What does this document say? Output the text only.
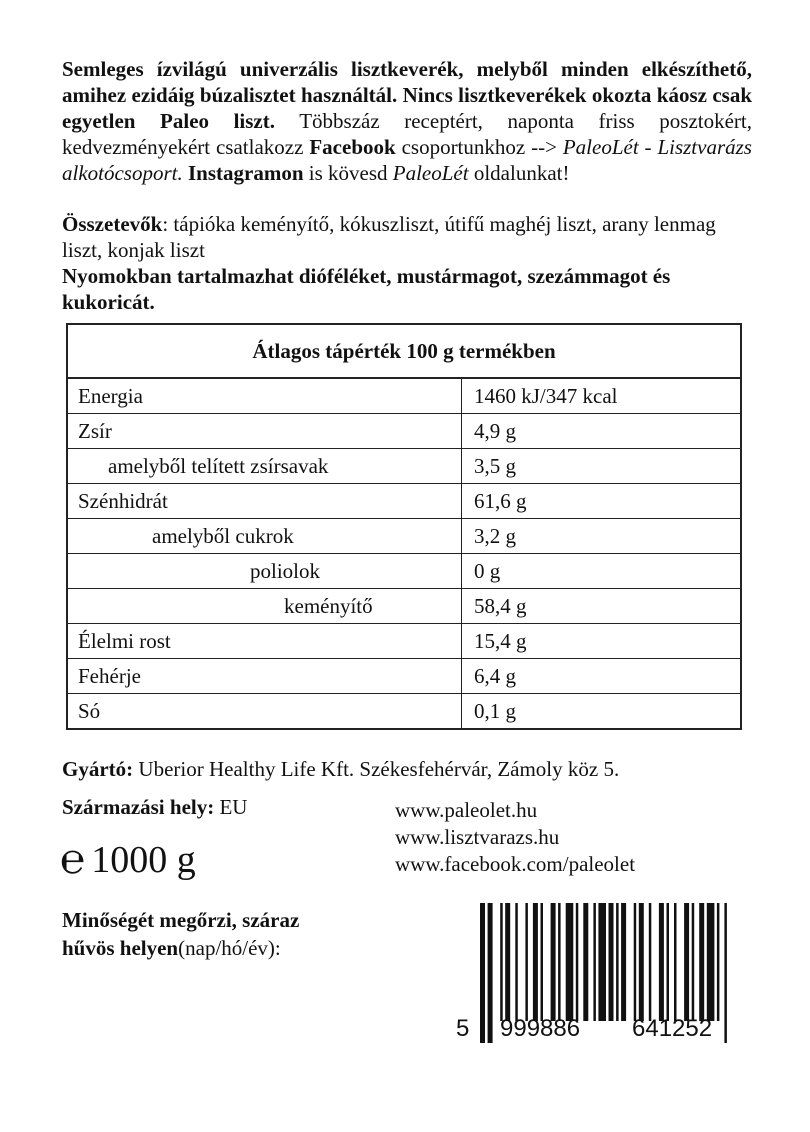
Semleges ízvilágú univerzális lisztkeverék, melyből minden elkészíthető, amihez ezidáig búzalisztet használtál. Nincs lisztkeverékek okozta káosz csak egyetlen Paleo liszt. Többszáz receptért, naponta friss posztokért, kedvezményekért csatlakozz Facebook csoportunkhoz --> PaleoLét - Lisztvarázs alkotócsoport. Instagramon is kövesd PaleoLét oldalunkat!

Összetevők: tápióka keményítő, kókuszliszt, útifű maghéj liszt, arany lenmag liszt, konjak liszt

Nyomokban tartalmazhat dióféléket, mustármagot, szezámmagot és kukoricát.

Átlagos tápérték 100 g termékben	
Energia	1460 kJ/347 kcal
Zsír	4,9 g
amelyből telített zsírsavak	3,5 g
Szénhidrát	61,6 g
amelyből cukrok	3,2 g
poliolok	0 g
keményítő	58,4 g
Élelmi rost	15,4 g
Fehérje	6,4 g
Só	0,1 g

Gyártó: Uberior Healthy Life Kft. Székesfehérvár, Zámoly köz 5.

Származási hely: EU

℮ 1000 g
www.paleolet.hu
www.lisztvarazs.hu
www.facebook.com/paleolet
Minőségét megőrzi, száraz
hűvös helyen(nap/hó/év):
5 999886 641252
